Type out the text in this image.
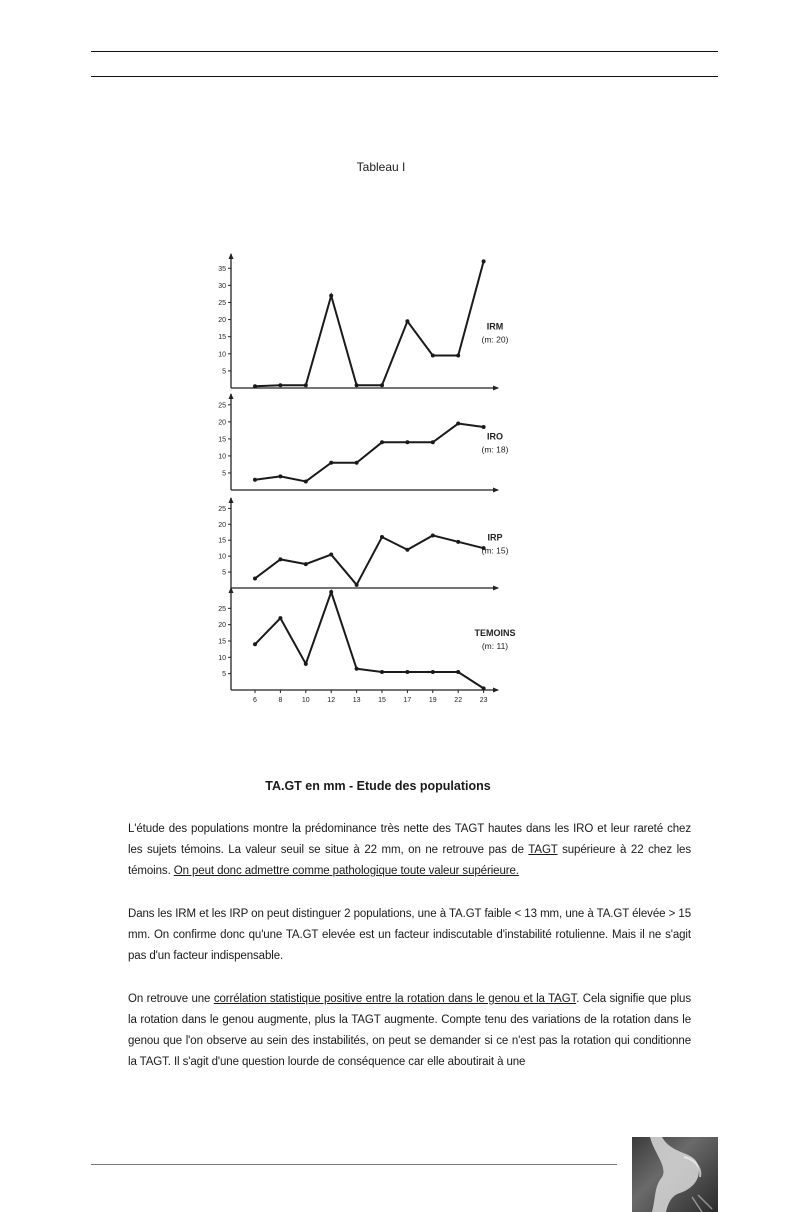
Tableau I
35
30
25
20
15
10
5
IRM
(m: 20)
25
20
15
10
5
IRO
(m: 18)
25
20
15
10
5
IRP
(m: 15)
25
20
15
10
5
TEMOINS
(m: 11)
6	8	10	12	13	15	17	19	22	23
TA.GT en mm - Etude des populations
L'étude des populations montre la prédominance très nette des TAGT hautes dans les IRO et leur rareté chez les sujets témoins. La valeur seuil se situe à 22 mm, on ne retrouve pas de TAGT supérieure à 22 chez les témoins. On peut donc admettre comme pathologique toute valeur supérieure.
Dans les IRM et les IRP on peut distinguer 2 populations, une à TA.GT faible < 13 mm, une à TA.GT élevée > 15 mm. On confirme donc qu'une TA.GT elevée est un facteur indiscutable d'instabilité rotulienne. Mais il ne s'agit pas d'un facteur indispensable.
On retrouve une corrélation statistique positive entre la rotation dans le genou et la TAGT. Cela signifie que plus la rotation dans le genou augmente, plus la TAGT augmente. Compte tenu des variations de la rotation dans le genou que l'on observe au sein des instabilités, on peut se demander si ce n'est pas la rotation qui conditionne la TAGT. Il s'agit d'une question lourde de conséquence car elle aboutirait à une
